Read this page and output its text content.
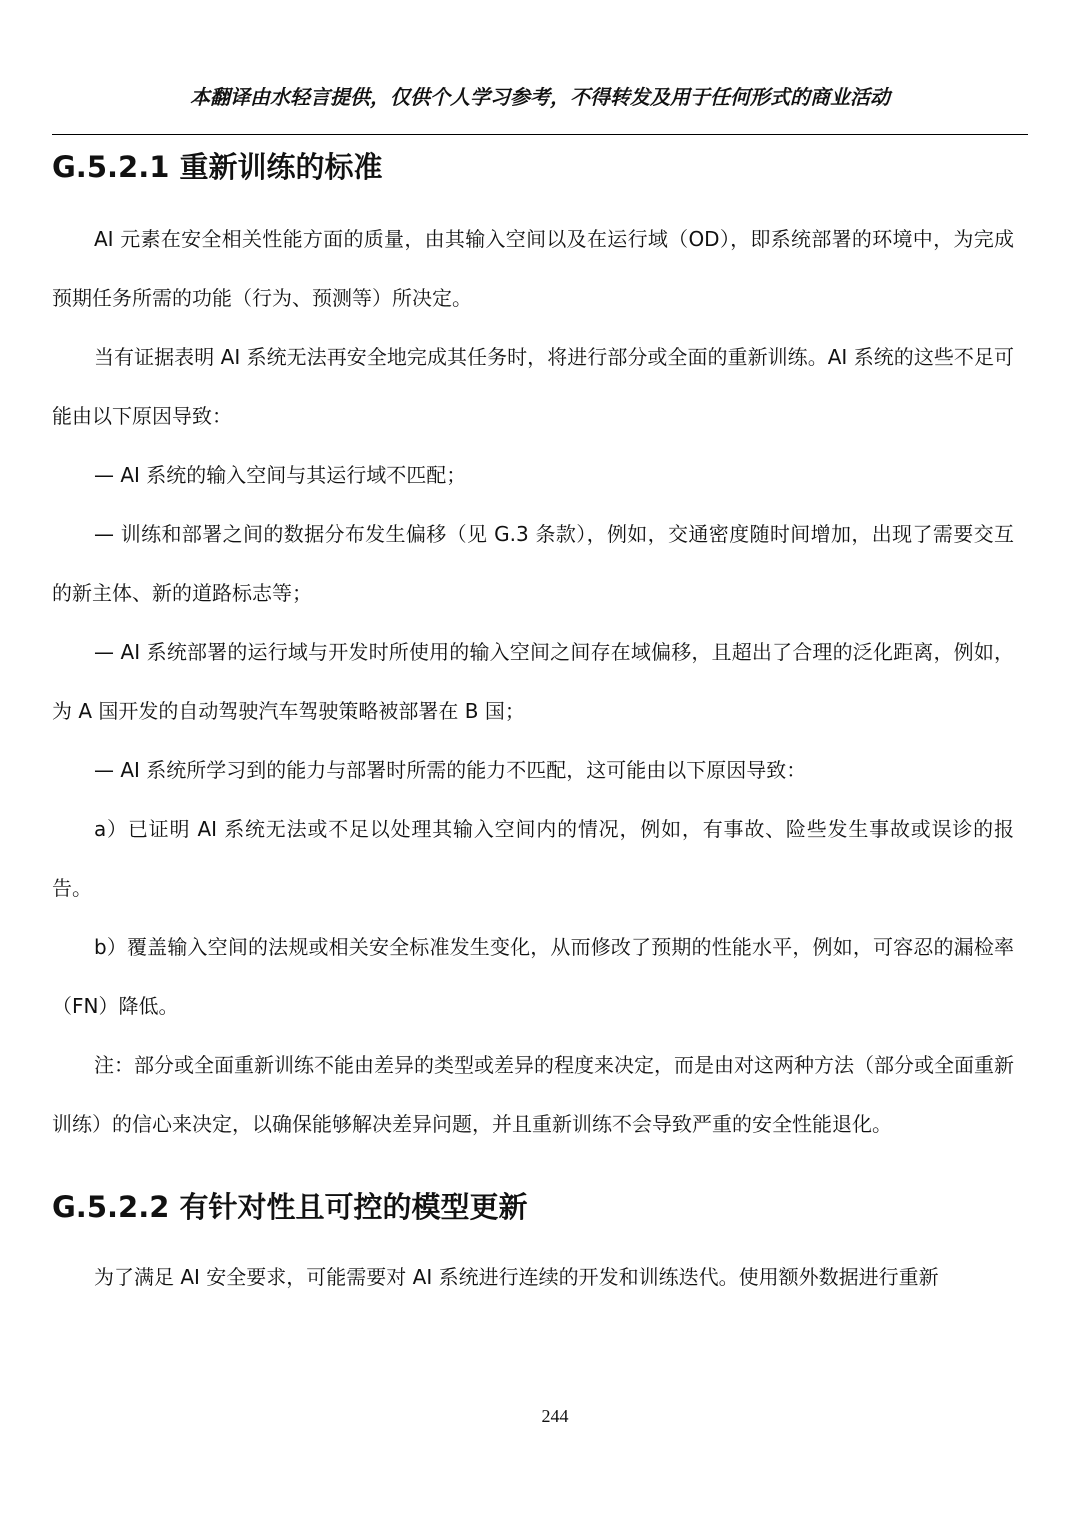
本翻译由水轻言提供，仅供个人学习参考，不得转发及用于任何形式的商业活动
G.5.2.1 重新训练的标准

AI 元素在安全相关性能方面的质量，由其输入空间以及在运行域（OD），即系统部署的环境中，为完成预期任务所需的功能（行为、预测等）所决定。

当有证据表明 AI 系统无法再安全地完成其任务时，将进行部分或全面的重新训练。AI 系统的这些不足可能由以下原因导致：

— AI 系统的输入空间与其运行域不匹配；

— 训练和部署之间的数据分布发生偏移（见 G.3 条款），例如，交通密度随时间增加，出现了需要交互的新主体、新的道路标志等；

— AI 系统部署的运行域与开发时所使用的输入空间之间存在域偏移，且超出了合理的泛化距离，例如，为 A 国开发的自动驾驶汽车驾驶策略被部署在 B 国；

— AI 系统所学习到的能力与部署时所需的能力不匹配，这可能由以下原因导致：

a）已证明 AI 系统无法或不足以处理其输入空间内的情况，例如，有事故、险些发生事故或误诊的报告。

b）覆盖输入空间的法规或相关安全标准发生变化，从而修改了预期的性能水平，例如，可容忍的漏检率（FN）降低。

注：部分或全面重新训练不能由差异的类型或差异的程度来决定，而是由对这两种方法（部分或全面重新训练）的信心来决定，以确保能够解决差异问题，并且重新训练不会导致严重的安全性能退化。

G.5.2.2 有针对性且可控的模型更新

为了满足 AI 安全要求，可能需要对 AI 系统进行连续的开发和训练迭代。使用额外数据进行重新

244
